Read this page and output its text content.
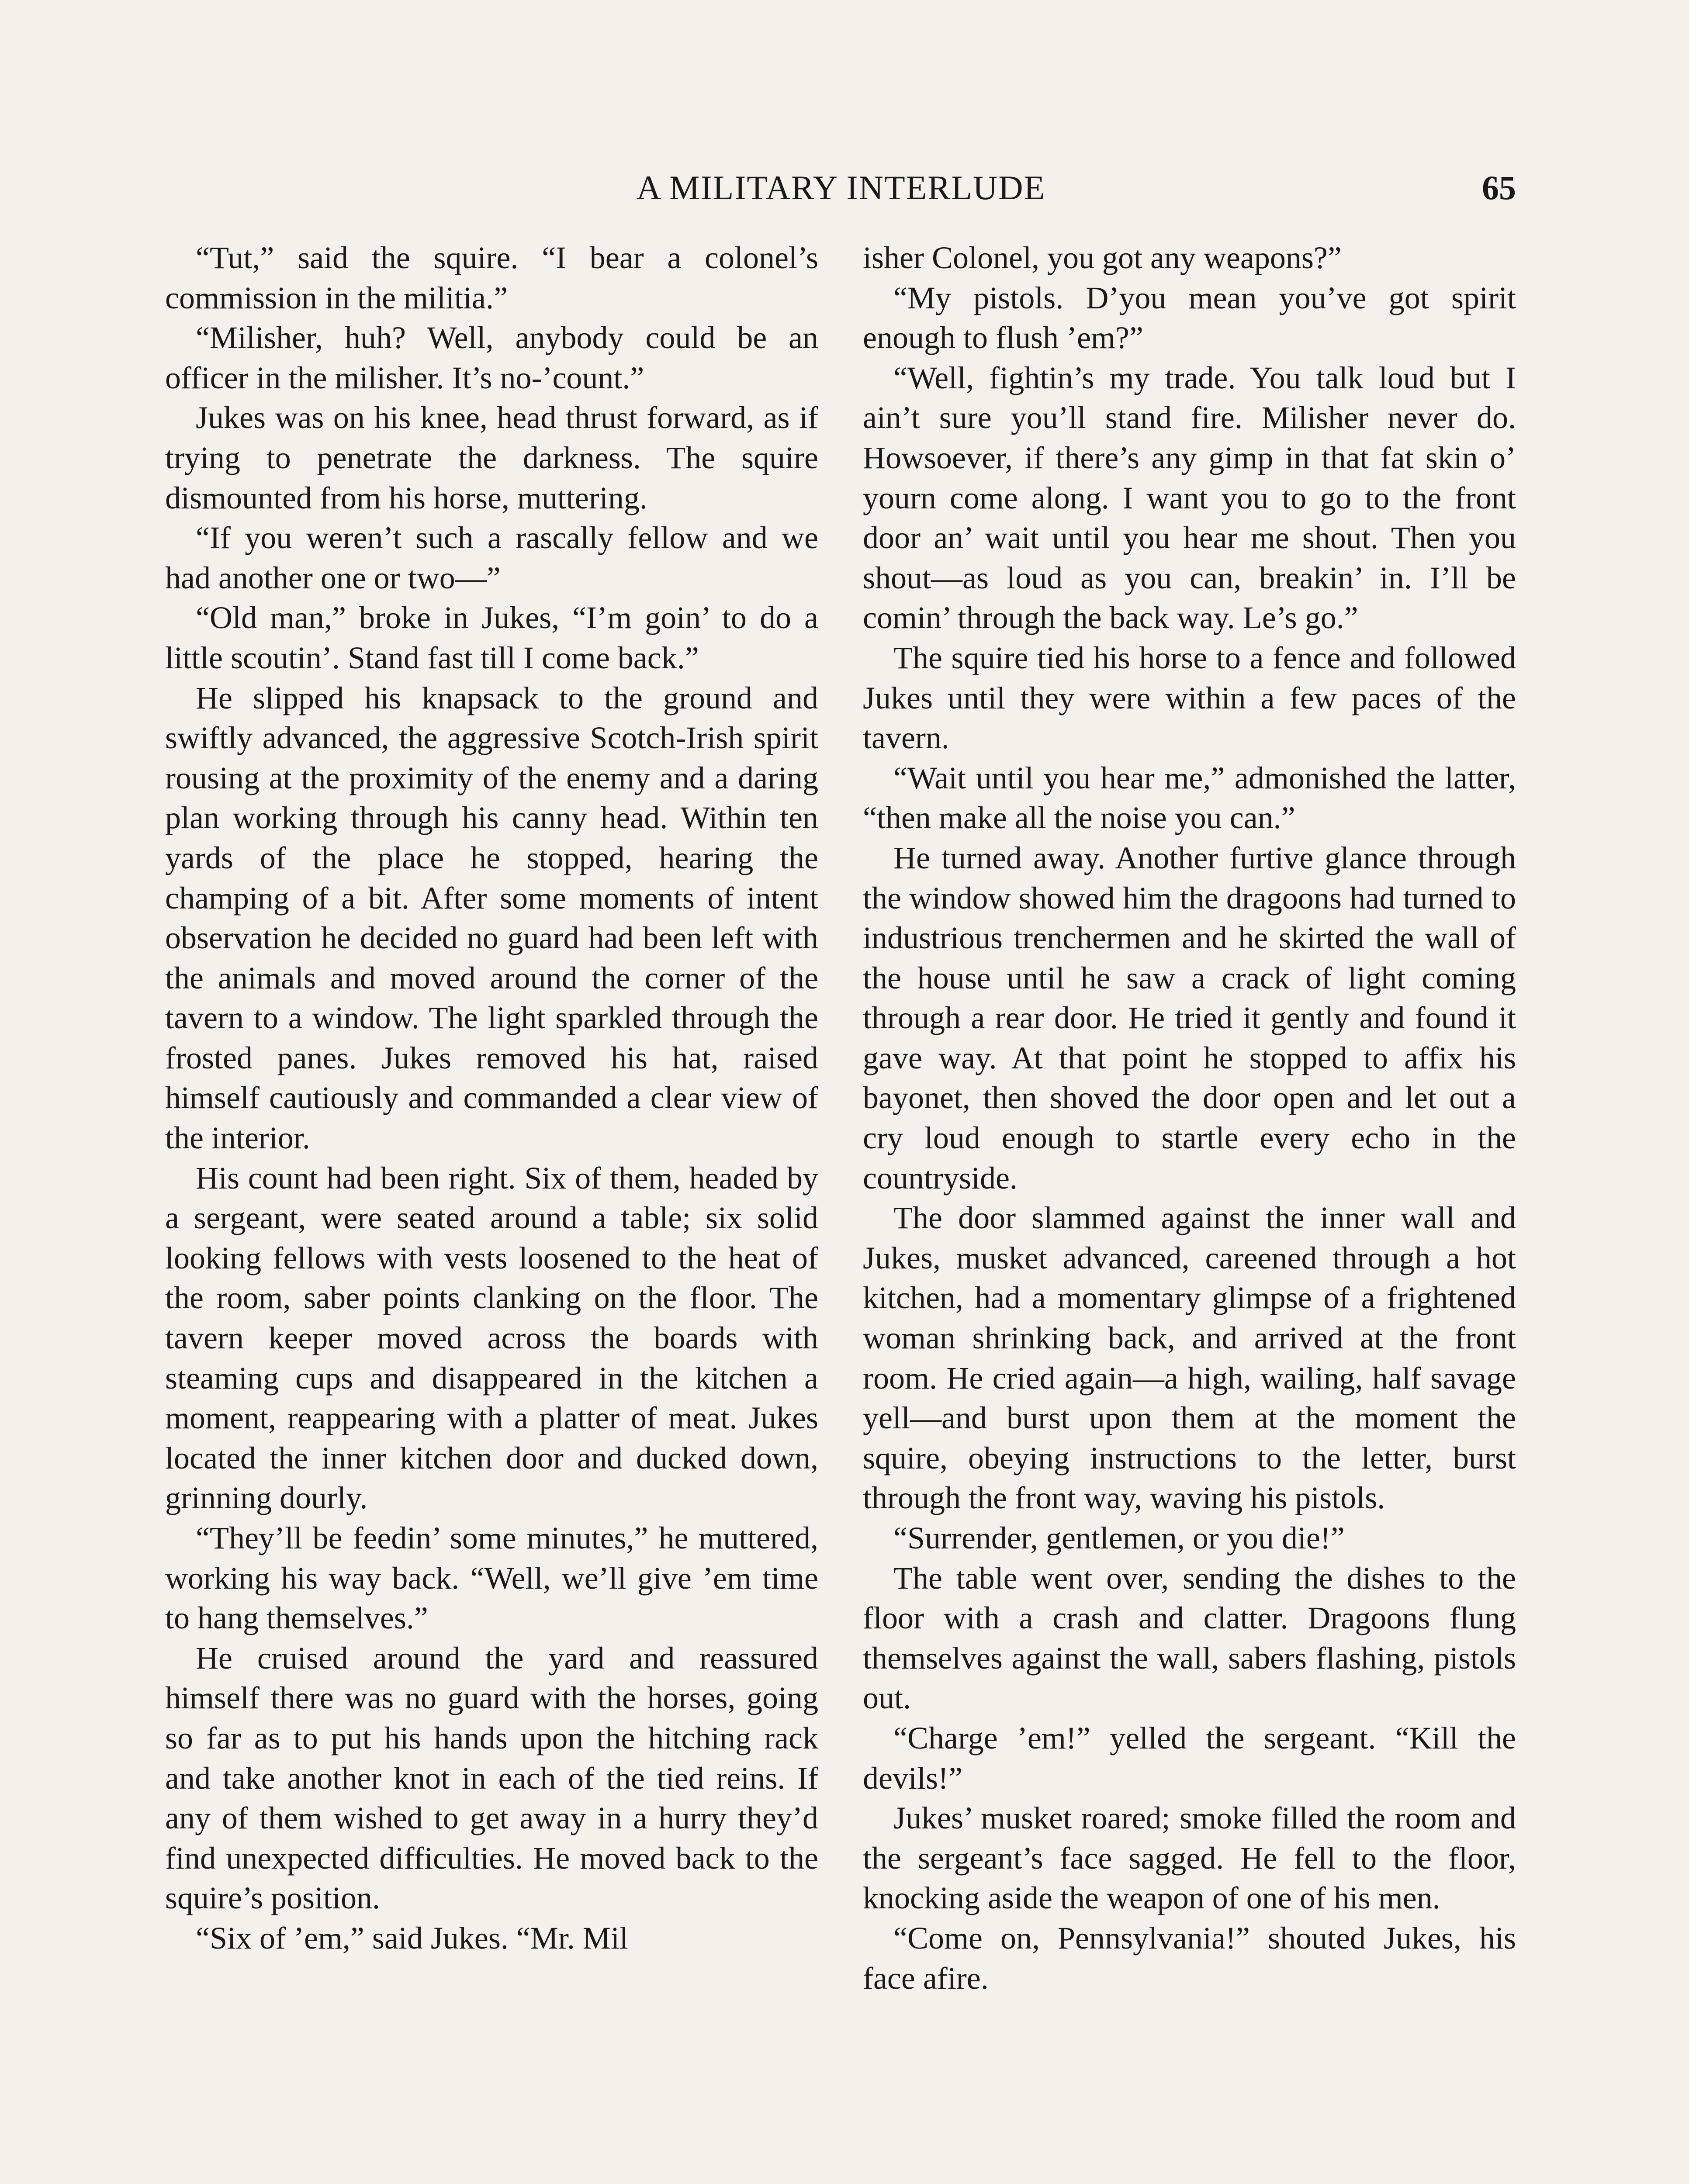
A MILITARY INTERLUDE	65

“Tut,” said the squire. “I bear a colonel’s commission in the militia.”

“Milisher, huh? Well, anybody could be an officer in the milisher. It’s no-’count.”

Jukes was on his knee, head thrust forward, as if trying to penetrate the darkness. The squire dismounted from his horse, muttering.

“If you weren’t such a rascally fellow and we had another one or two—”

“Old man,” broke in Jukes, “I’m goin’ to do a little scoutin’. Stand fast till I come back.”

He slipped his knapsack to the ground and swiftly advanced, the aggressive Scotch-Irish spirit rousing at the proximity of the enemy and a daring plan working through his canny head. Within ten yards of the place he stopped, hearing the champing of a bit. After some moments of intent observation he decided no guard had been left with the animals and moved around the corner of the tavern to a window. The light sparkled through the frosted panes. Jukes removed his hat, raised himself cautiously and commanded a clear view of the interior.

His count had been right. Six of them, headed by a sergeant, were seated around a table; six solid looking fellows with vests loosened to the heat of the room, saber points clanking on the floor. The tavern keeper moved across the boards with steaming cups and disappeared in the kitchen a moment, reappearing with a platter of meat. Jukes located the inner kitchen door and ducked down, grinning dourly.

“They’ll be feedin’ some minutes,” he muttered, working his way back. “Well, we’ll give ’em time to hang themselves.”

He cruised around the yard and reassured himself there was no guard with the horses, going so far as to put his hands upon the hitching rack and take another knot in each of the tied reins. If any of them wished to get away in a hurry they’d find unexpected difficulties. He moved back to the squire’s position.

“Six of ’em,” said Jukes. “Mr. Mil

isher Colonel, you got any weapons?”

“My pistols. D’you mean you’ve got spirit enough to flush ’em?”

“Well, fightin’s my trade. You talk loud but I ain’t sure you’ll stand fire. Milisher never do. Howsoever, if there’s any gimp in that fat skin o’ yourn come along. I want you to go to the front door an’ wait until you hear me shout. Then you shout—as loud as you can, breakin’ in. I’ll be comin’ through the back way. Le’s go.”

The squire tied his horse to a fence and followed Jukes until they were within a few paces of the tavern.

“Wait until you hear me,” admonished the latter, “then make all the noise you can.”

He turned away. Another furtive glance through the window showed him the dragoons had turned to industrious trenchermen and he skirted the wall of the house until he saw a crack of light coming through a rear door. He tried it gently and found it gave way. At that point he stopped to affix his bayonet, then shoved the door open and let out a cry loud enough to startle every echo in the countryside.

The door slammed against the inner wall and Jukes, musket advanced, careened through a hot kitchen, had a momentary glimpse of a frightened woman shrinking back, and arrived at the front room. He cried again—a high, wailing, half savage yell—and burst upon them at the moment the squire, obeying instructions to the letter, burst through the front way, waving his pistols.

“Surrender, gentlemen, or you die!”

The table went over, sending the dishes to the floor with a crash and clatter. Dragoons flung themselves against the wall, sabers flashing, pistols out.

“Charge ’em!” yelled the sergeant. “Kill the devils!”

Jukes’ musket roared; smoke filled the room and the sergeant’s face sagged. He fell to the floor, knocking aside the weapon of one of his men.

“Come on, Pennsylvania!” shouted Jukes, his face afire.
